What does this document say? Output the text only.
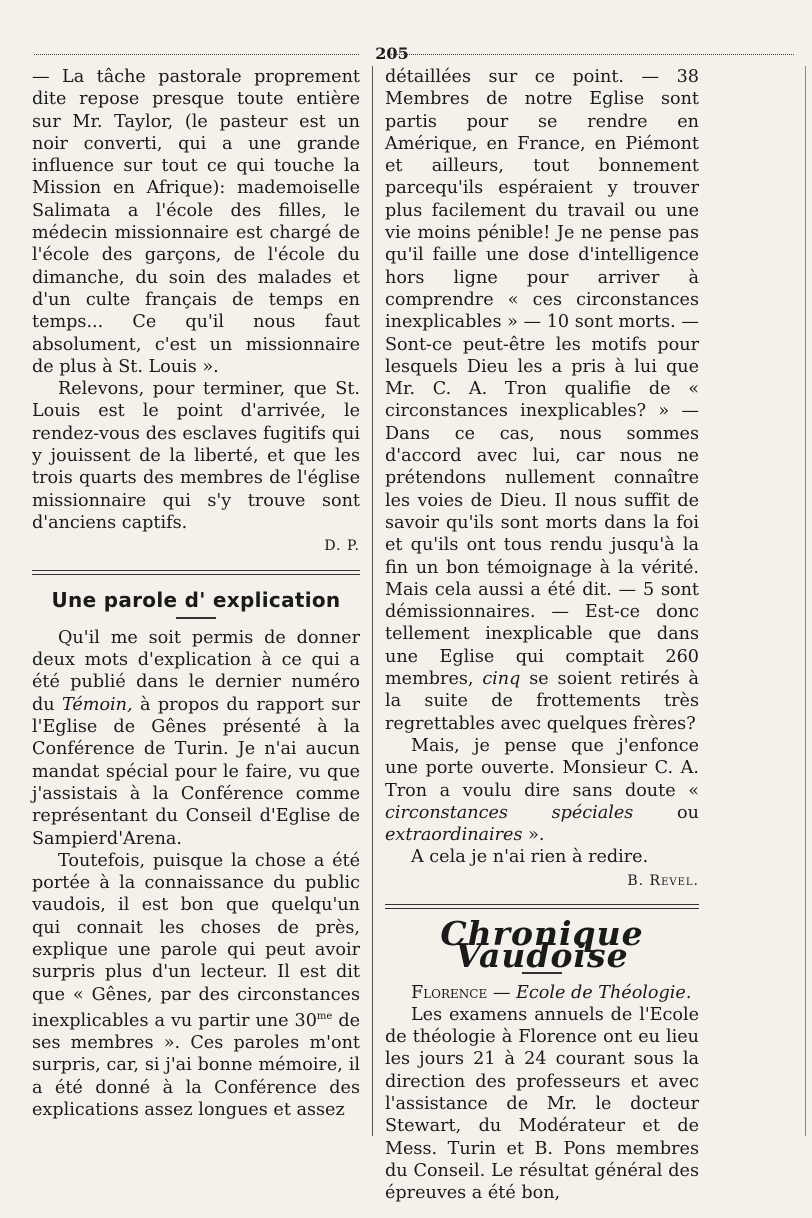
205

— La tâche pastorale proprement dite repose presque toute entière sur Mr. Taylor, (le pasteur est un noir converti, qui a une grande influence sur tout ce qui touche la Mission en Afrique): mademoiselle Salimata a l'école des filles, le médecin missionnaire est chargé de l'école des garçons, de l'école du dimanche, du soin des malades et d'un culte français de temps en temps... Ce qu'il nous faut absolument, c'est un missionnaire de plus à St. Louis ».

Relevons, pour terminer, que St. Louis est le point d'arrivée, le rendez-vous des esclaves fugitifs qui y jouissent de la liberté, et que les trois quarts des membres de l'église missionnaire qui s'y trouve sont d'anciens captifs.

D. P.

Une parole d' explication

Qu'il me soit permis de donner deux mots d'explication à ce qui a été publié dans le dernier numéro du Témoin, à propos du rapport sur l'Eglise de Gênes présenté à la Conférence de Turin. Je n'ai aucun mandat spécial pour le faire, vu que j'assistais à la Conférence comme représentant du Conseil d'Eglise de Sampierd'Arena.

Toutefois, puisque la chose a été portée à la connaissance du public vaudois, il est bon que quelqu'un qui connait les choses de près, explique une parole qui peut avoir surpris plus d'un lecteur. Il est dit que « Gênes, par des circonstances inexplicables a vu partir une $30^{me}$ de ses membres ». Ces paroles m'ont surpris, car, si j'ai bonne mémoire, il a été donné à la Conférence des explications assez longues et assez

détaillées sur ce point. — 38 Membres de notre Eglise sont partis pour se rendre en Amérique, en France, en Piémont et ailleurs, tout bonnement parcequ'ils espéraient y trouver plus facilement du travail ou une vie moins pénible! Je ne pense pas qu'il faille une dose d'intelligence hors ligne pour arriver à comprendre « ces circonstances inexplicables » — 10 sont morts. — Sont-ce peut-être les motifs pour lesquels Dieu les a pris à lui que Mr. C. A. Tron qualifie de « circonstances inexplicables? » — Dans ce cas, nous sommes d'accord avec lui, car nous ne prétendons nullement connaître les voies de Dieu. Il nous suffit de savoir qu'ils sont morts dans la foi et qu'ils ont tous rendu jusqu'à la fin un bon témoignage à la vérité. Mais cela aussi a été dit. — 5 sont démissionnaires. — Est-ce donc tellement inexplicable que dans une Eglise qui comptait 260 membres, cinq se soient retirés à la suite de frottements très regrettables avec quelques frères?

Mais, je pense que j'enfonce une porte ouverte. Monsieur C. A. Tron a voulu dire sans doute « circonstances spéciales ou extraordinaires ».

A cela je n'ai rien à redire.

B. Revel.

Chronique Vaudoise

Florence — Ecole de Théologie.

Les examens annuels de l'Ecole de théologie à Florence ont eu lieu les jours 21 à 24 courant sous la direction des professeurs et avec l'assistance de Mr. le docteur Stewart, du Modérateur et de Mess. Turin et B. Pons membres du Conseil. Le résultat général des épreuves a été bon,
